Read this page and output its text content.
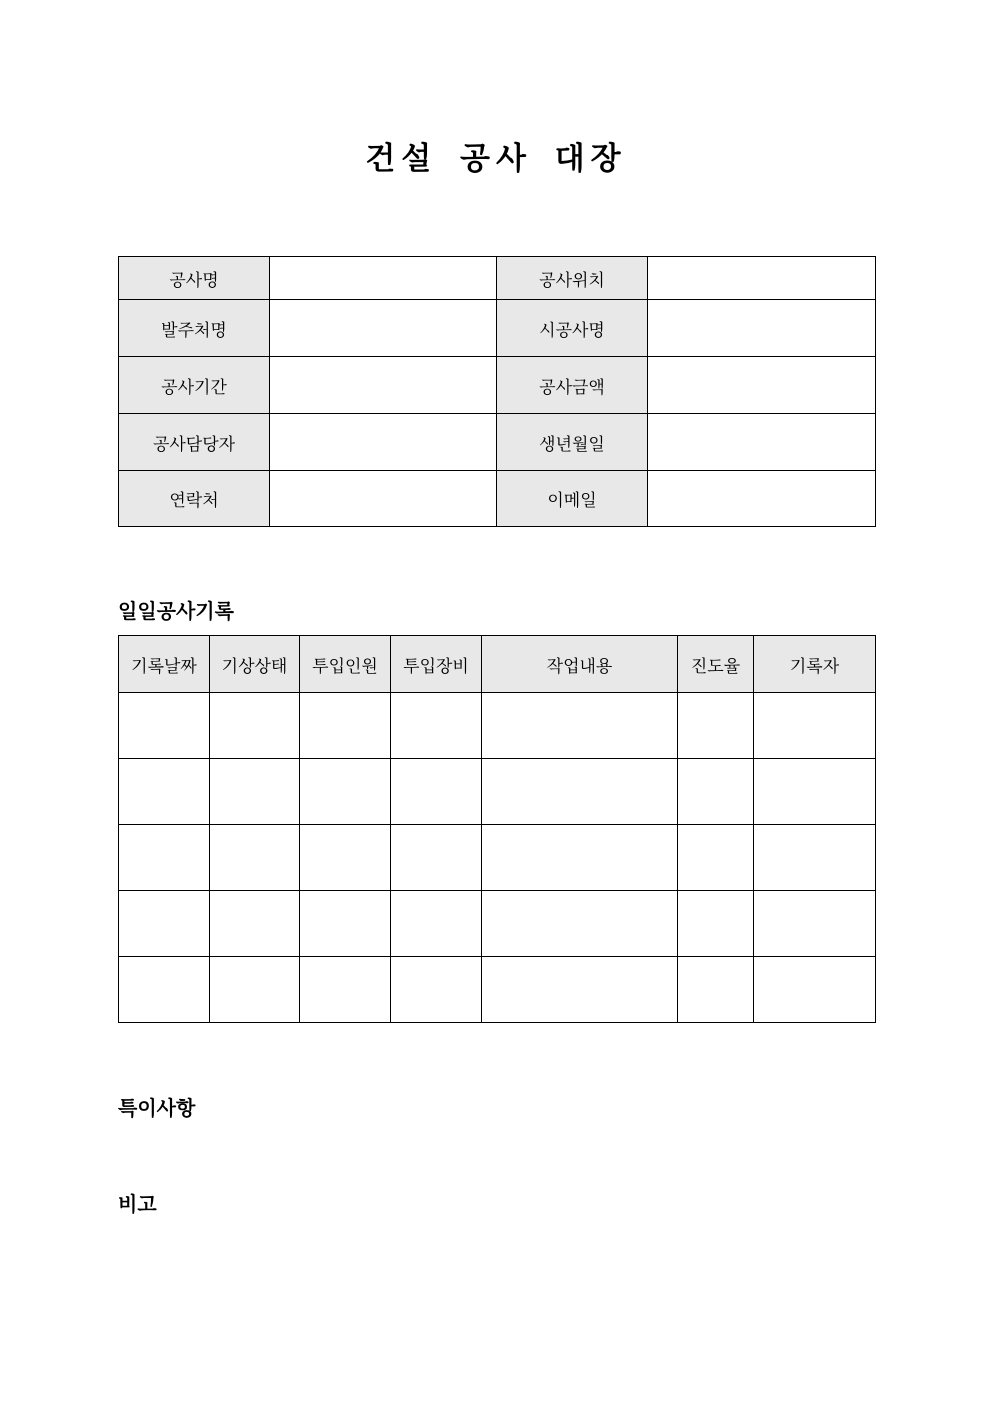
건설 공사 대장
공사명		공사위치	
발주처명		시공사명	
공사기간		공사금액	
공사담당자		생년월일	
연락처		이메일	
일일공사기록
기록날짜	기상상태	투입인원	투입장비	작업내용	진도율	기록자

특이사항
비고
